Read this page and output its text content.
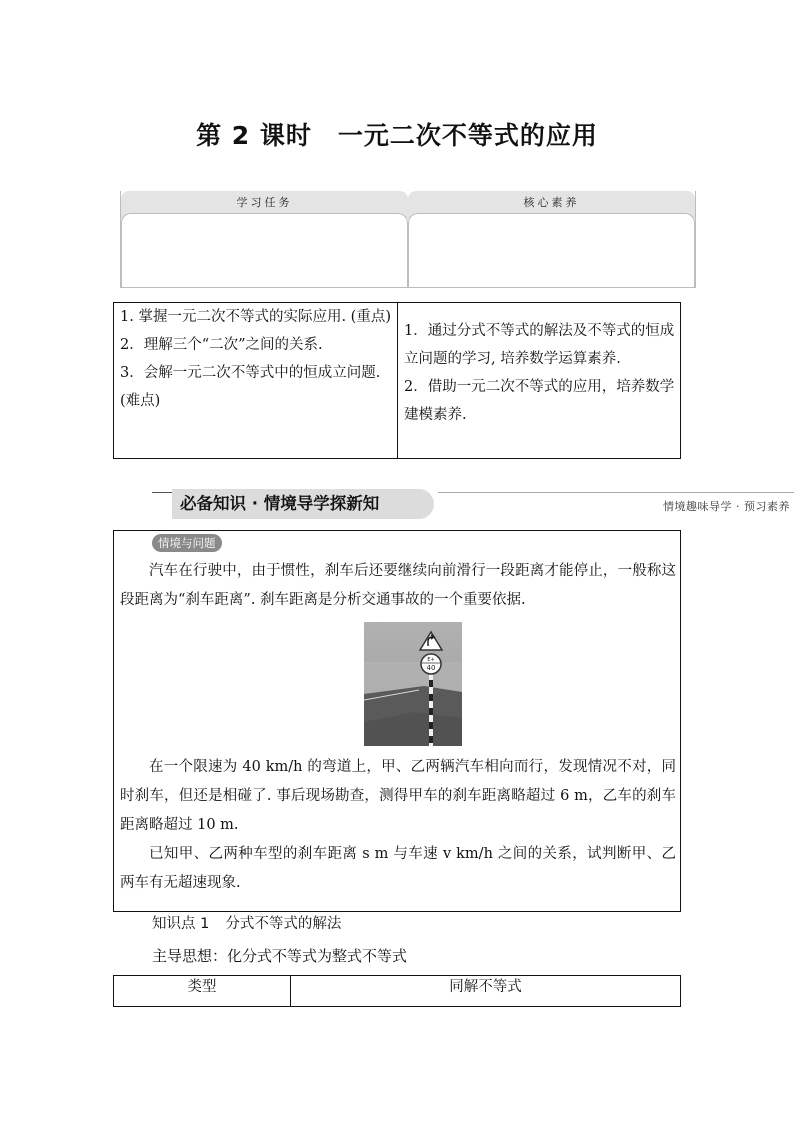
第 2 课时 一元二次不等式的应用
学习任务	核心素养

1. 掌握一元二次不等式的实际应用. (重点)

2．理解三个“二次”之间的关系.

3．会解一元二次不等式中的恒成立问题. (难点)

1．通过分式不等式的解法及不等式的恒成立问题的学习, 培养数学运算素养.

2．借助一元二次不等式的应用，培养数学建模素养.

必备知识 · 情境导学探新知	情境趣味导学 · 预习素养
情境与问题

汽车在行驶中，由于惯性，刹车后还要继续向前滑行一段距离才能停止，一般称这段距离为“刹车距离”. 刹车距离是分析交通事故的一个重要依据.

E+
40

在一个限速为 40 km/h 的弯道上，甲、乙两辆汽车相向而行，发现情况不对，同时刹车，但还是相碰了. 事后现场勘查，测得甲车的刹车距离略超过 6 m，乙车的刹车距离略超过 10 m.

已知甲、乙两种车型的刹车距离 s m 与车速 v km/h 之间的关系，试判断甲、乙两车有无超速现象.

知识点 1 分式不等式的解法
主导思想：化分式不等式为整式不等式
类型	同解不等式
